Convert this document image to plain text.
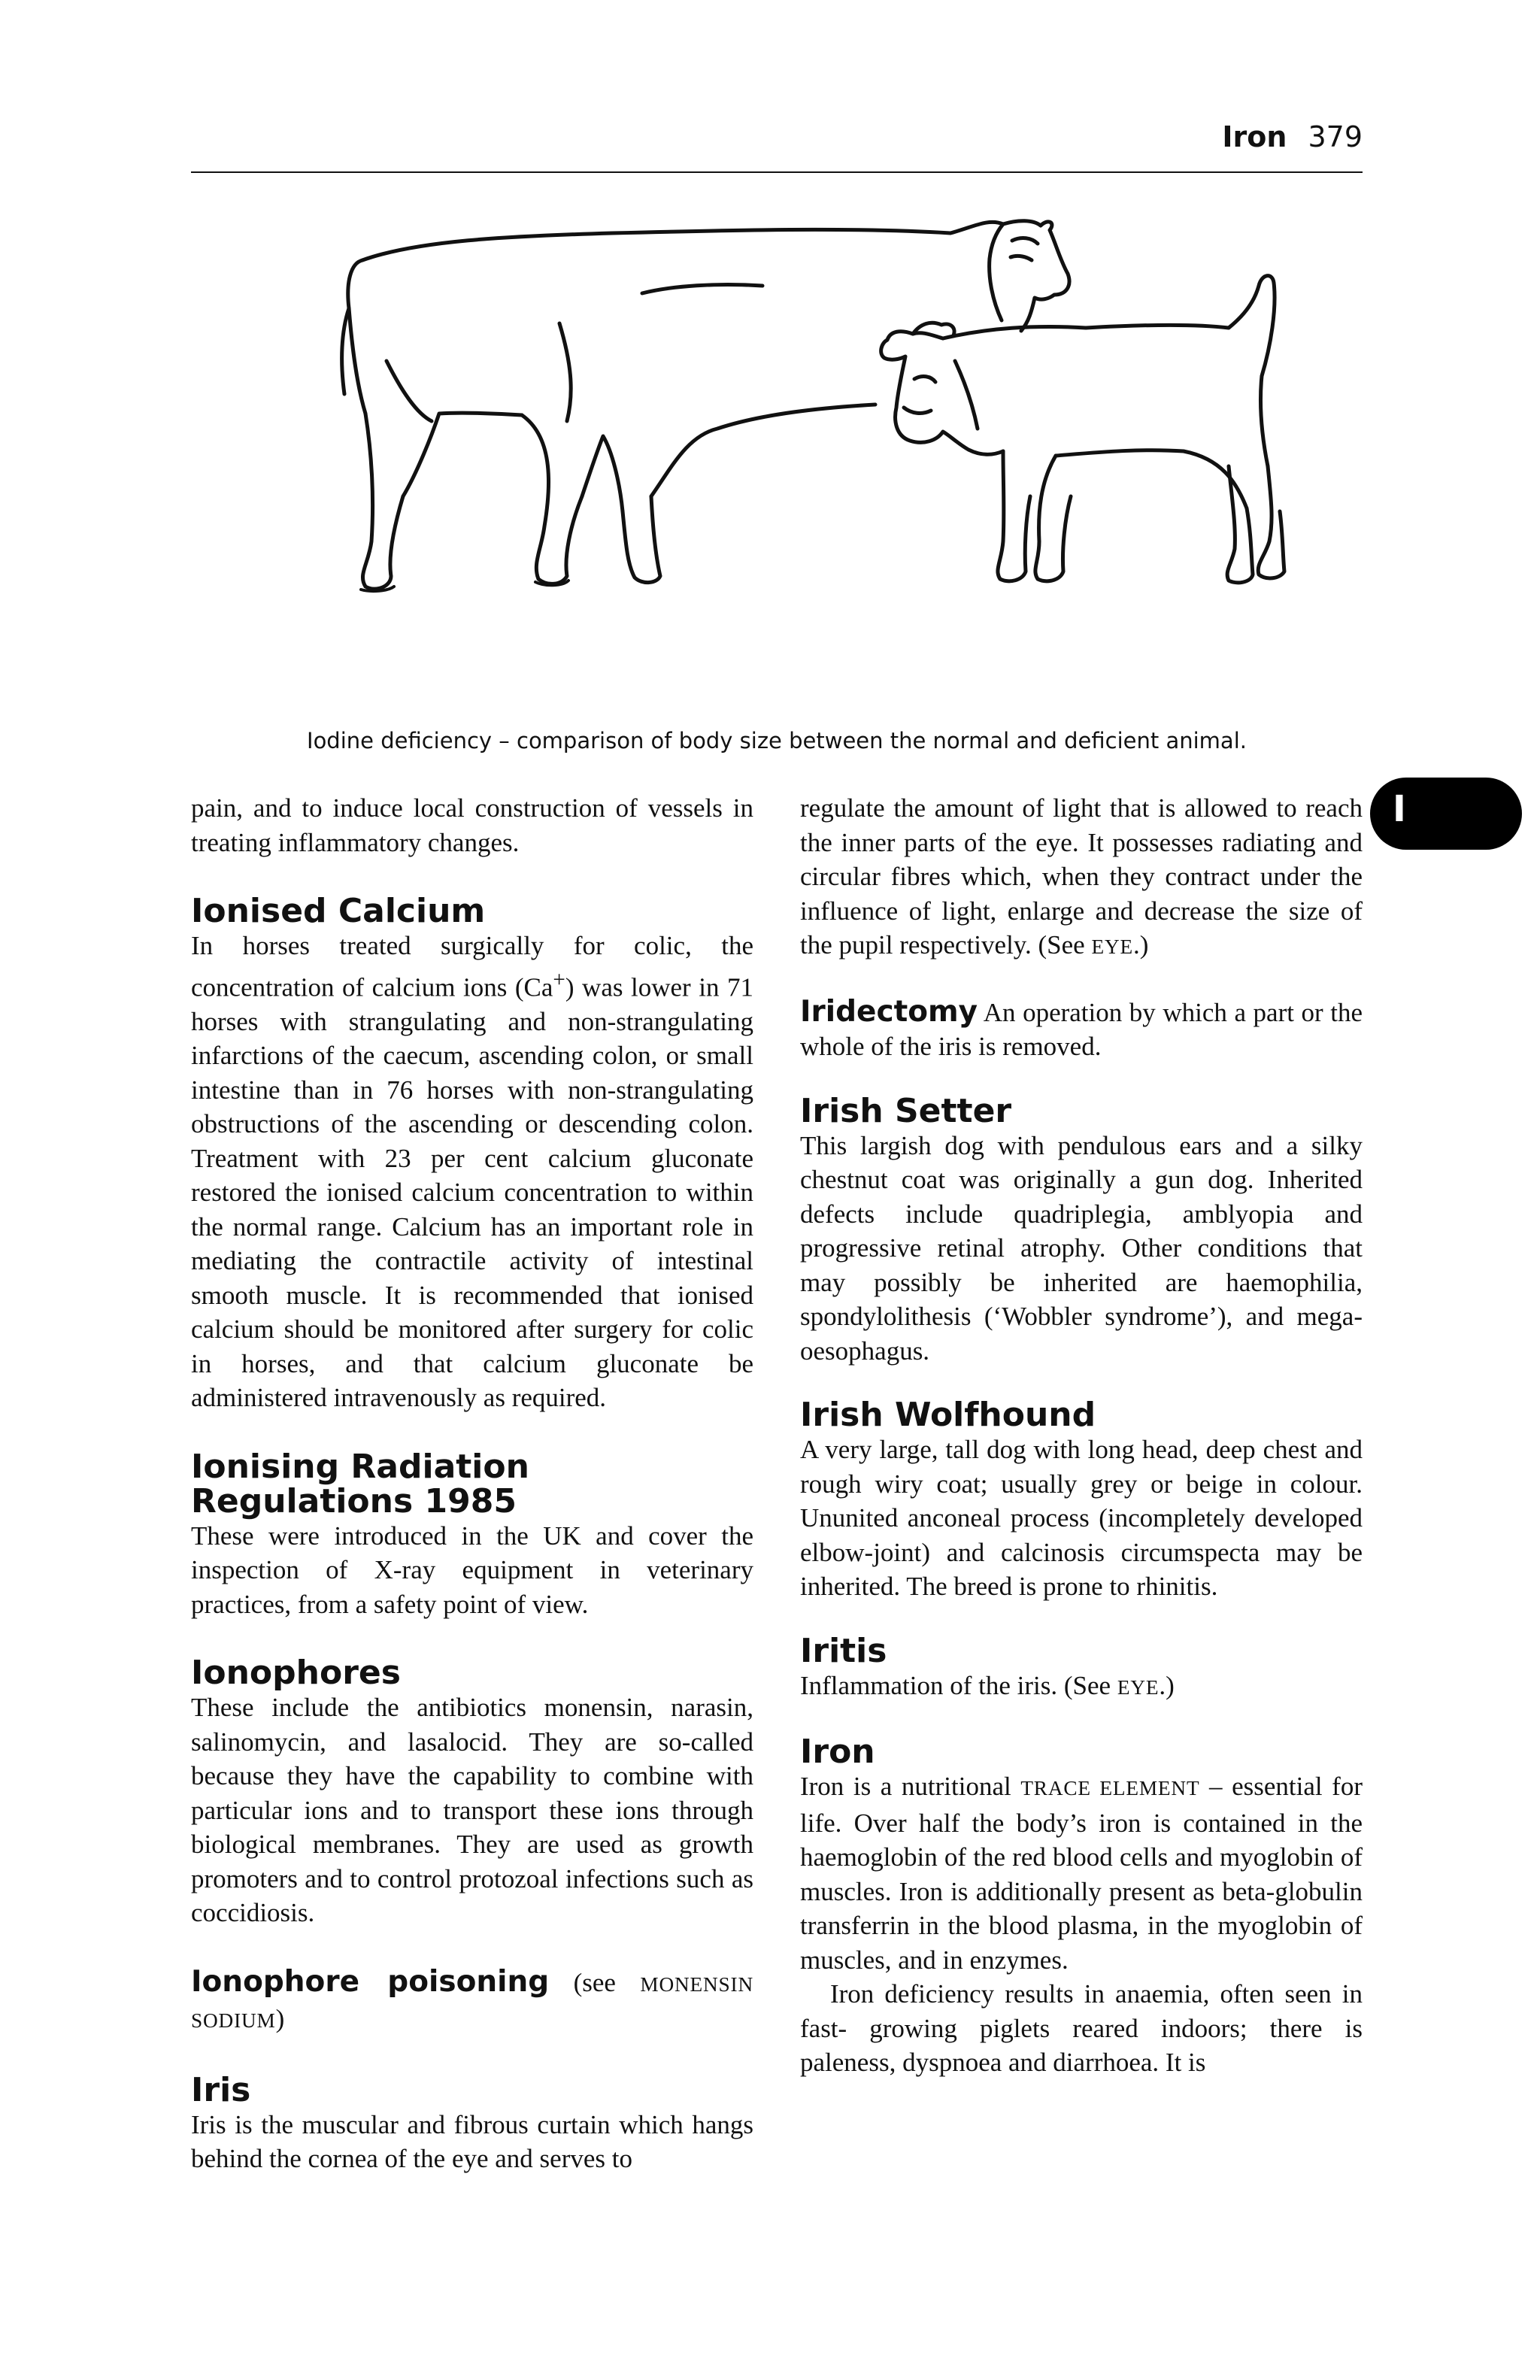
Iron 379
Iodine deficiency – comparison of body size between the normal and deficient animal.
I

pain, and to induce local construction of vessels in treating inflammatory changes.

Ionised Calcium

In horses treated surgically for colic, the concentration of calcium ions (Ca+) was lower in 71 horses with strangulating and non-strangulating infarctions of the caecum, ascending colon, or small intestine than in 76 horses with non-strangulating obstructions of the ascending or descending colon. Treatment with 23 per cent calcium gluconate restored the ionised calcium concentration to within the normal range. Calcium has an important role in mediating the contractile activity of intestinal smooth muscle. It is recommended that ionised calcium should be monitored after surgery for colic in horses, and that calcium gluconate be administered intravenously as required.

Ionising Radiation Regulations 1985

These were introduced in the UK and cover the inspection of X-ray equipment in veterinary practices, from a safety point of view.

Ionophores

These include the antibiotics monensin, narasin, salinomycin, and lasalocid. They are so-called because they have the capability to combine with particular ions and to transport these ions through biological membranes. They are used as growth promoters and to control protozoal infections such as coccidiosis.

Ionophore poisoning (see MONENSIN SODIUM)

Iris

Iris is the muscular and fibrous curtain which hangs behind the cornea of the eye and serves to

regulate the amount of light that is allowed to reach the inner parts of the eye. It possesses radiating and circular fibres which, when they contract under the influence of light, enlarge and decrease the size of the pupil respectively. (See EYE.)

Iridectomy An operation by which a part or the whole of the iris is removed.

Irish Setter

This largish dog with pendulous ears and a silky chestnut coat was originally a gun dog. Inherited defects include quadriplegia, amblyopia and progressive retinal atrophy. Other conditions that may possibly be inherited are haemophilia, spondylolithesis (‘Wobbler syndrome’), and mega-oesophagus.

Irish Wolfhound

A very large, tall dog with long head, deep chest and rough wiry coat; usually grey or beige in colour. Ununited anconeal process (incompletely developed elbow-joint) and calcinosis circumspecta may be inherited. The breed is prone to rhinitis.

Iritis

Inflammation of the iris. (See EYE.)

Iron

Iron is a nutritional TRACE ELEMENT – essential for life. Over half the body’s iron is contained in the haemoglobin of the red blood cells and myoglobin of muscles. Iron is additionally present as beta-globulin transferrin in the blood plasma, in the myoglobin of muscles, and in enzymes.

Iron deficiency results in anaemia, often seen in fast- growing piglets reared indoors; there is paleness, dyspnoea and diarrhoea. It is
